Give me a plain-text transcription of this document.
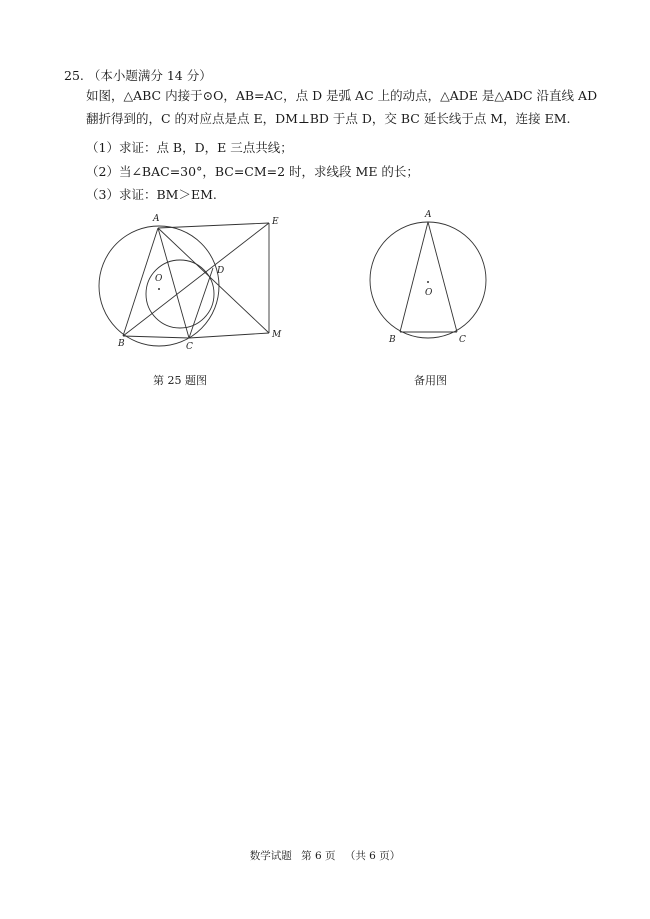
25. （本小题满分 14 分）
如图，△ABC 内接于⊙O，AB=AC，点 D 是弧 AC 上的动点，△ADE 是△ADC 沿直线 AD
翻折得到的，C 的对应点是点 E，DM⊥BD 于点 D，交 BC 延长线于点 M，连接 EM.
（1）求证：点 B，D，E 三点共线；
（2）当∠BAC=30°，BC=CM=2 时，求线段 ME 的长；
（3）求证：BM＞EM.
A	E
O
D
M
B	C
A
O
B	C
第 25 题图	备用图
数学试题 第 6 页 （共 6 页）
